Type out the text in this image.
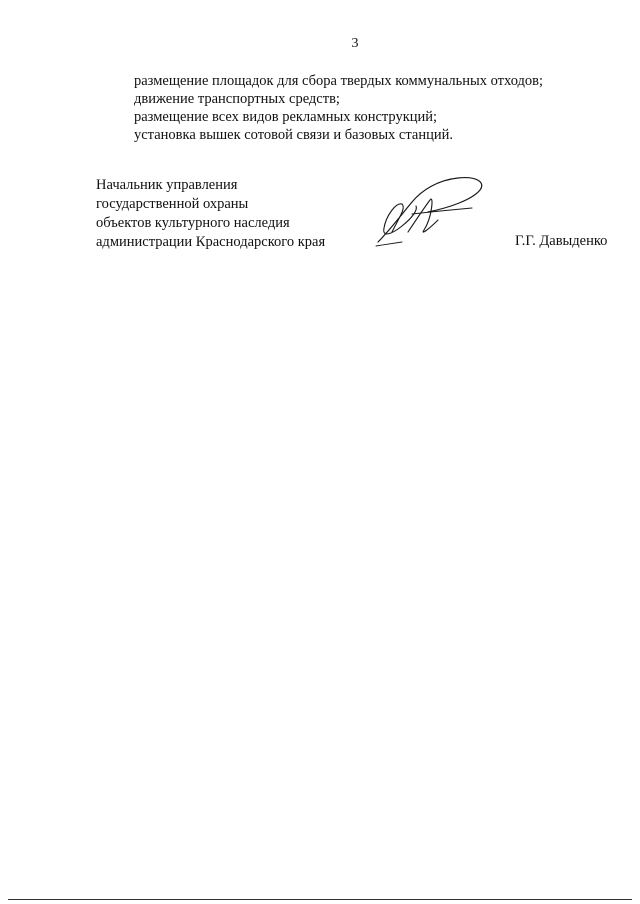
3
размещение площадок для сбора твердых коммунальных отходов;
движение транспортных средств;
размещение всех видов рекламных конструкций;
установка вышек сотовой связи и базовых станций.
Начальник управления
государственной охраны
объектов культурного наследия
администрации Краснодарского края	Г.Г. Давыденко
